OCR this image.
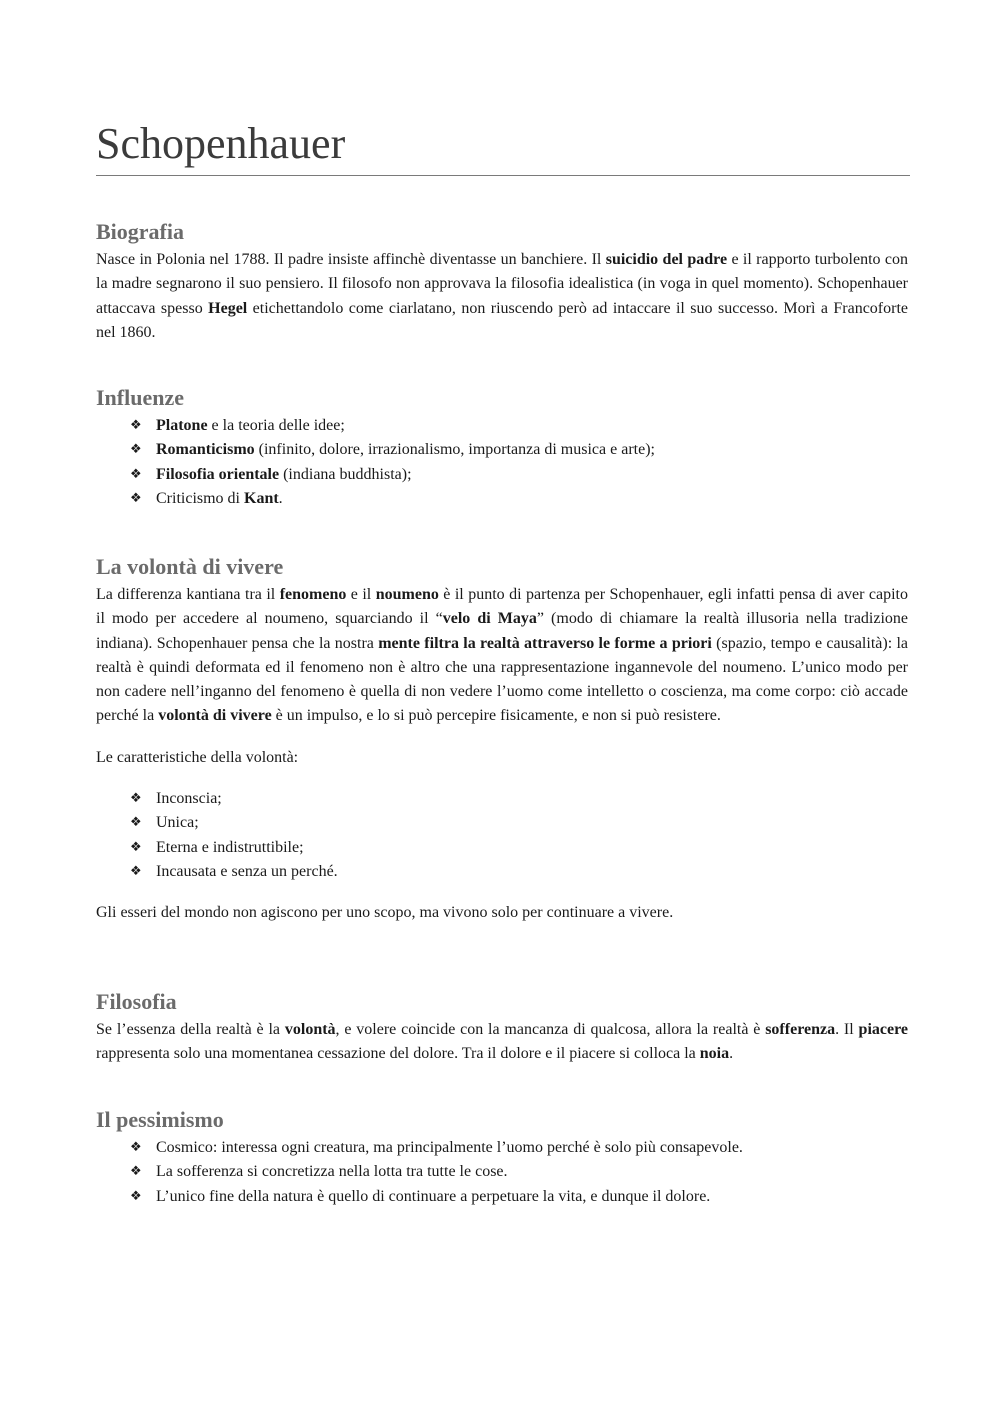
Schopenhauer
Biografia

Nasce in Polonia nel 1788. Il padre insiste affinchè diventasse un banchiere. Il suicidio del padre e il rapporto turbolento con la madre segnarono il suo pensiero. Il filosofo non approvava la filosofia idealistica (in voga in quel momento). Schopenhauer attaccava spesso Hegel etichettandolo come ciarlatano, non riuscendo però ad intaccare il suo successo. Morì a Francoforte nel 1860.

Influenze
❖ Platone e la teoria delle idee;
❖ Romanticismo (infinito, dolore, irrazionalismo, importanza di musica e arte);
❖ Filosofia orientale (indiana buddhista);
❖ Criticismo di Kant.
La volontà di vivere

La differenza kantiana tra il fenomeno e il noumeno è il punto di partenza per Schopenhauer, egli infatti pensa di aver capito il modo per accedere al noumeno, squarciando il “velo di Maya” (modo di chiamare la realtà illusoria nella tradizione indiana). Schopenhauer pensa che la nostra mente filtra la realtà attraverso le forme a priori (spazio, tempo e causalità): la realtà è quindi deformata ed il fenomeno non è altro che una rappresentazione ingannevole del noumeno. L’unico modo per non cadere nell’inganno del fenomeno è quella di non vedere l’uomo come intelletto o coscienza, ma come corpo: ciò accade perché la volontà di vivere è un impulso, e lo si può percepire fisicamente, e non si può resistere.

Le caratteristiche della volontà:

❖ Inconscia;
❖ Unica;
❖ Eterna e indistruttibile;
❖ Incausata e senza un perché.

Gli esseri del mondo non agiscono per uno scopo, ma vivono solo per continuare a vivere.

Filosofia

Se l’essenza della realtà è la volontà, e volere coincide con la mancanza di qualcosa, allora la realtà è sofferenza. Il piacere rappresenta solo una momentanea cessazione del dolore. Tra il dolore e il piacere si colloca la noia.

Il pessimismo
❖ Cosmico: interessa ogni creatura, ma principalmente l’uomo perché è solo più consapevole.
❖ La sofferenza si concretizza nella lotta tra tutte le cose.
❖ L’unico fine della natura è quello di continuare a perpetuare la vita, e dunque il dolore.
